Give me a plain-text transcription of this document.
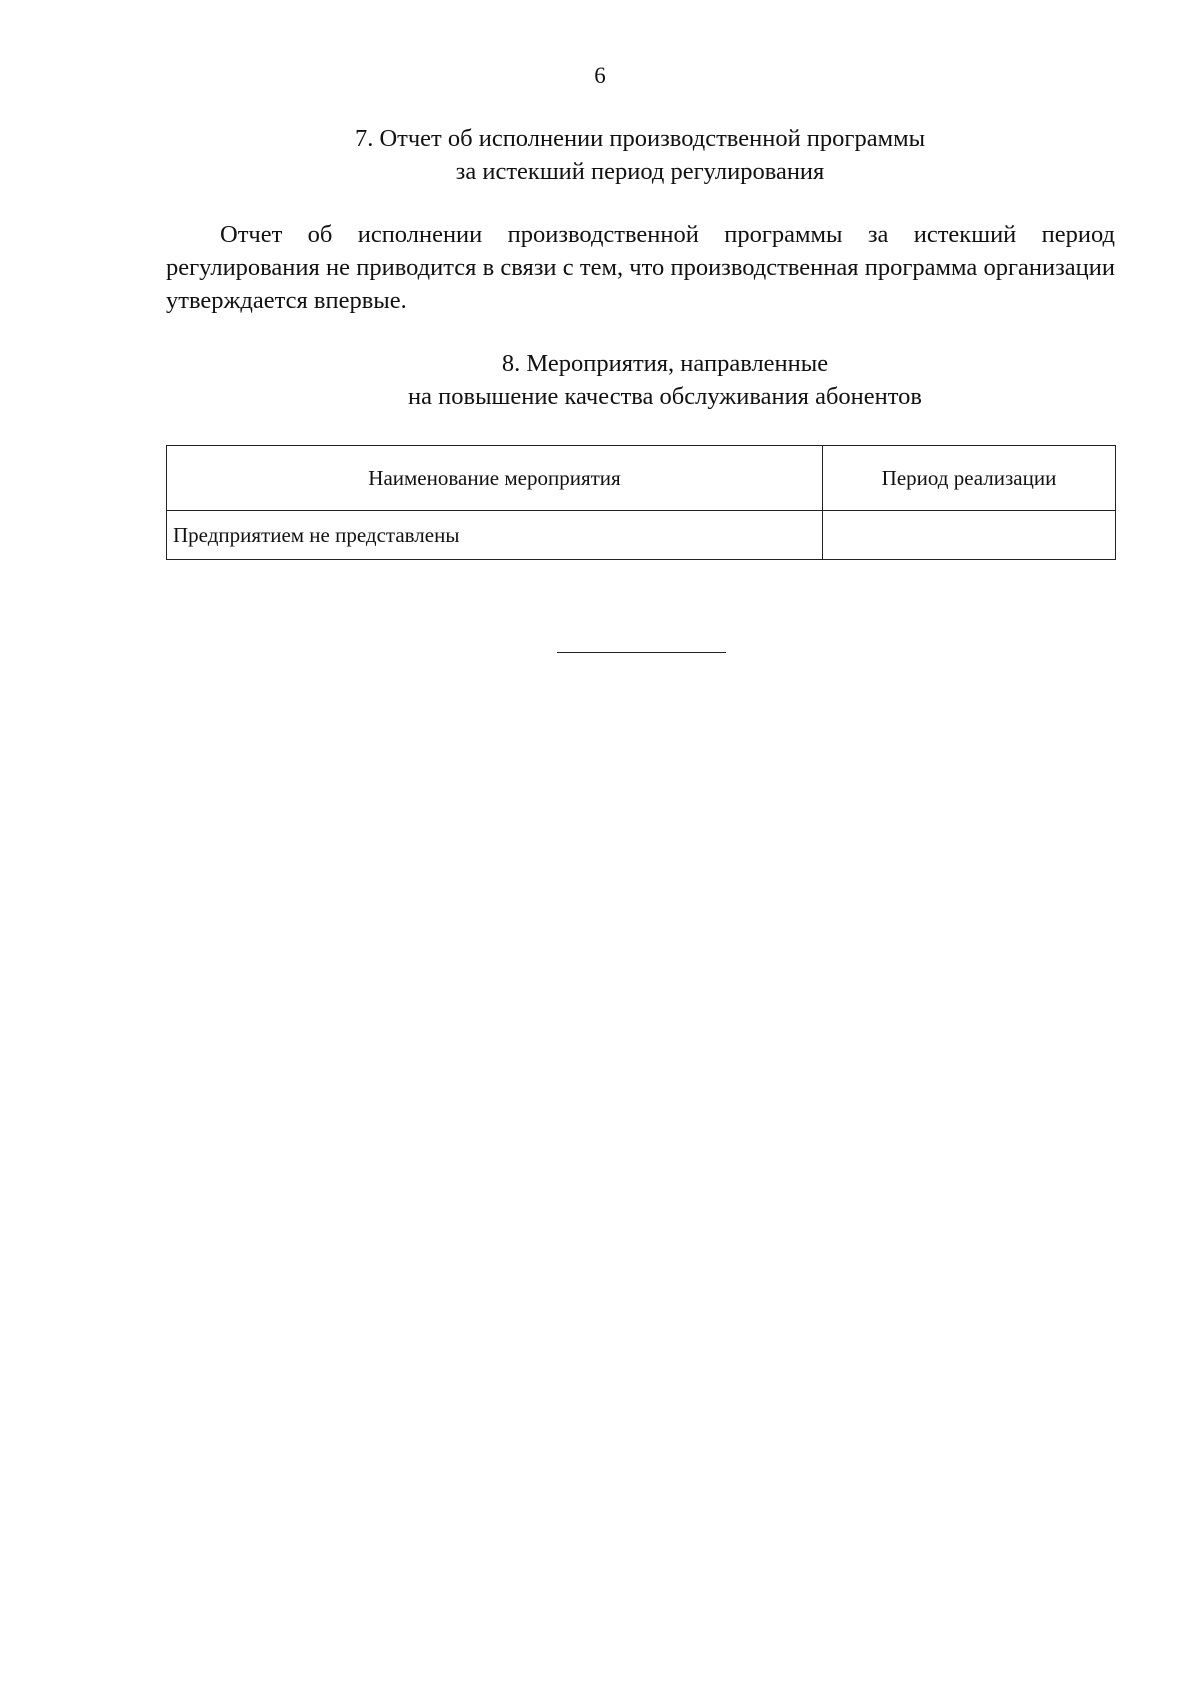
6
7. Отчет об исполнении производственной программы
за истекший период регулирования

Отчет об исполнении производственной программы за истекший период регулирования не приводится в связи с тем, что производственная программа организации утверждается впервые.

8. Мероприятия, направленные
на повышение качества обслуживания абонентов
Наименование мероприятия	Период реализации
Предприятием не представлены	
